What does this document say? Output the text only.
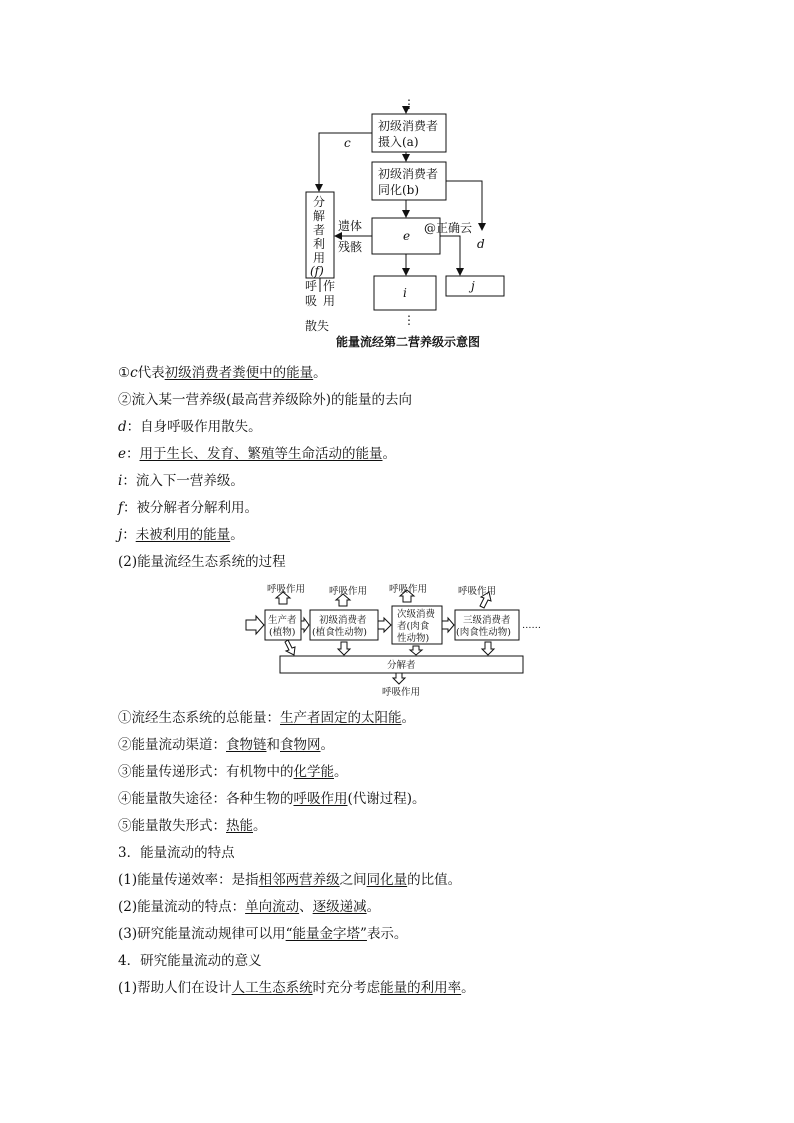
⋮
⋮
初级消费者
摄入(a)
初级消费者
同化(b)
e
i	j
c
d
@正确云
遗体
残骸
分
解
者
利
用
(f)
呼
吸
作
用
散失
能量流经第二营养级示意图
①c代表初级消费者粪便中的能量。
②流入某一营养级(最高营养级除外)的能量的去向
d：自身呼吸作用散失。
e：用于生长、发育、繁殖等生命活动的能量。
i：流入下一营养级。
f：被分解者分解利用。
j：未被利用的能量。
(2)能量流经生态系统的过程
呼吸作用	呼吸作用 呼吸作用	呼吸作用
生产者
(植物)
初级消费者
(植食性动物)
次级消费
者(肉食
性动物)
三级消费者
(肉食性动物)
……
分解者
呼吸作用
①流经生态系统的总能量：生产者固定的太阳能。
②能量流动渠道：食物链和食物网。
③能量传递形式：有机物中的化学能。
④能量散失途径：各种生物的呼吸作用(代谢过程)。
⑤能量散失形式：热能。
3．能量流动的特点
(1)能量传递效率：是指相邻两营养级之间同化量的比值。
(2)能量流动的特点：单向流动、逐级递减。
(3)研究能量流动规律可以用“能量金字塔”表示。
4．研究能量流动的意义
(1)帮助人们在设计人工生态系统时充分考虑能量的利用率。
